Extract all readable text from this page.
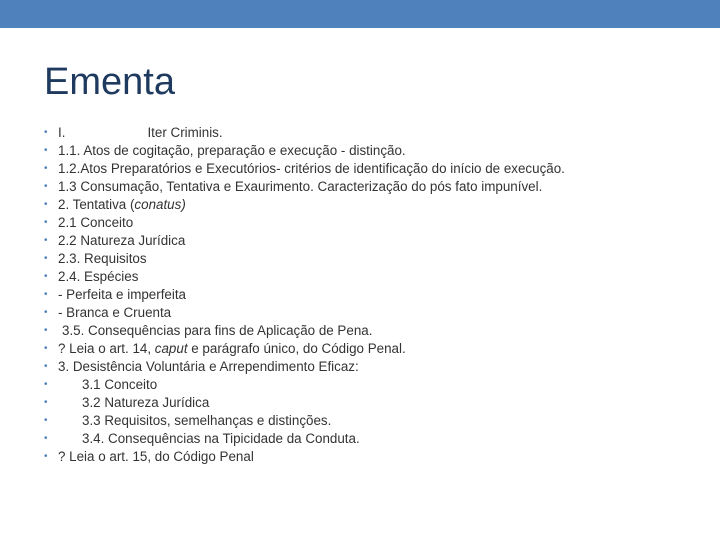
Ementa
• I.	Iter Criminis.
• 1.1. Atos de cogitação, preparação e execução - distinção.
• 1.2.Atos Preparatórios e Executórios- critérios de identificação do início de execução.
• 1.3 Consumação, Tentativa e Exaurimento. Caracterização do pós fato impunível.
• 2. Tentativa (conatus)
• 2.1 Conceito
• 2.2 Natureza Jurídica
• 2.3. Requisitos
• 2.4. Espécies
• - Perfeita e imperfeita
• - Branca e Cruenta
• 3.5. Consequências para fins de Aplicação de Pena.
• ? Leia o art. 14, caput e parágrafo único, do Código Penal.
• 3. Desistência Voluntária e Arrependimento Eficaz:
•	3.1 Conceito
•	3.2 Natureza Jurídica
•	3.3 Requisitos, semelhanças e distinções.
•	3.4. Consequências na Tipicidade da Conduta.
• ? Leia o art. 15, do Código Penal
